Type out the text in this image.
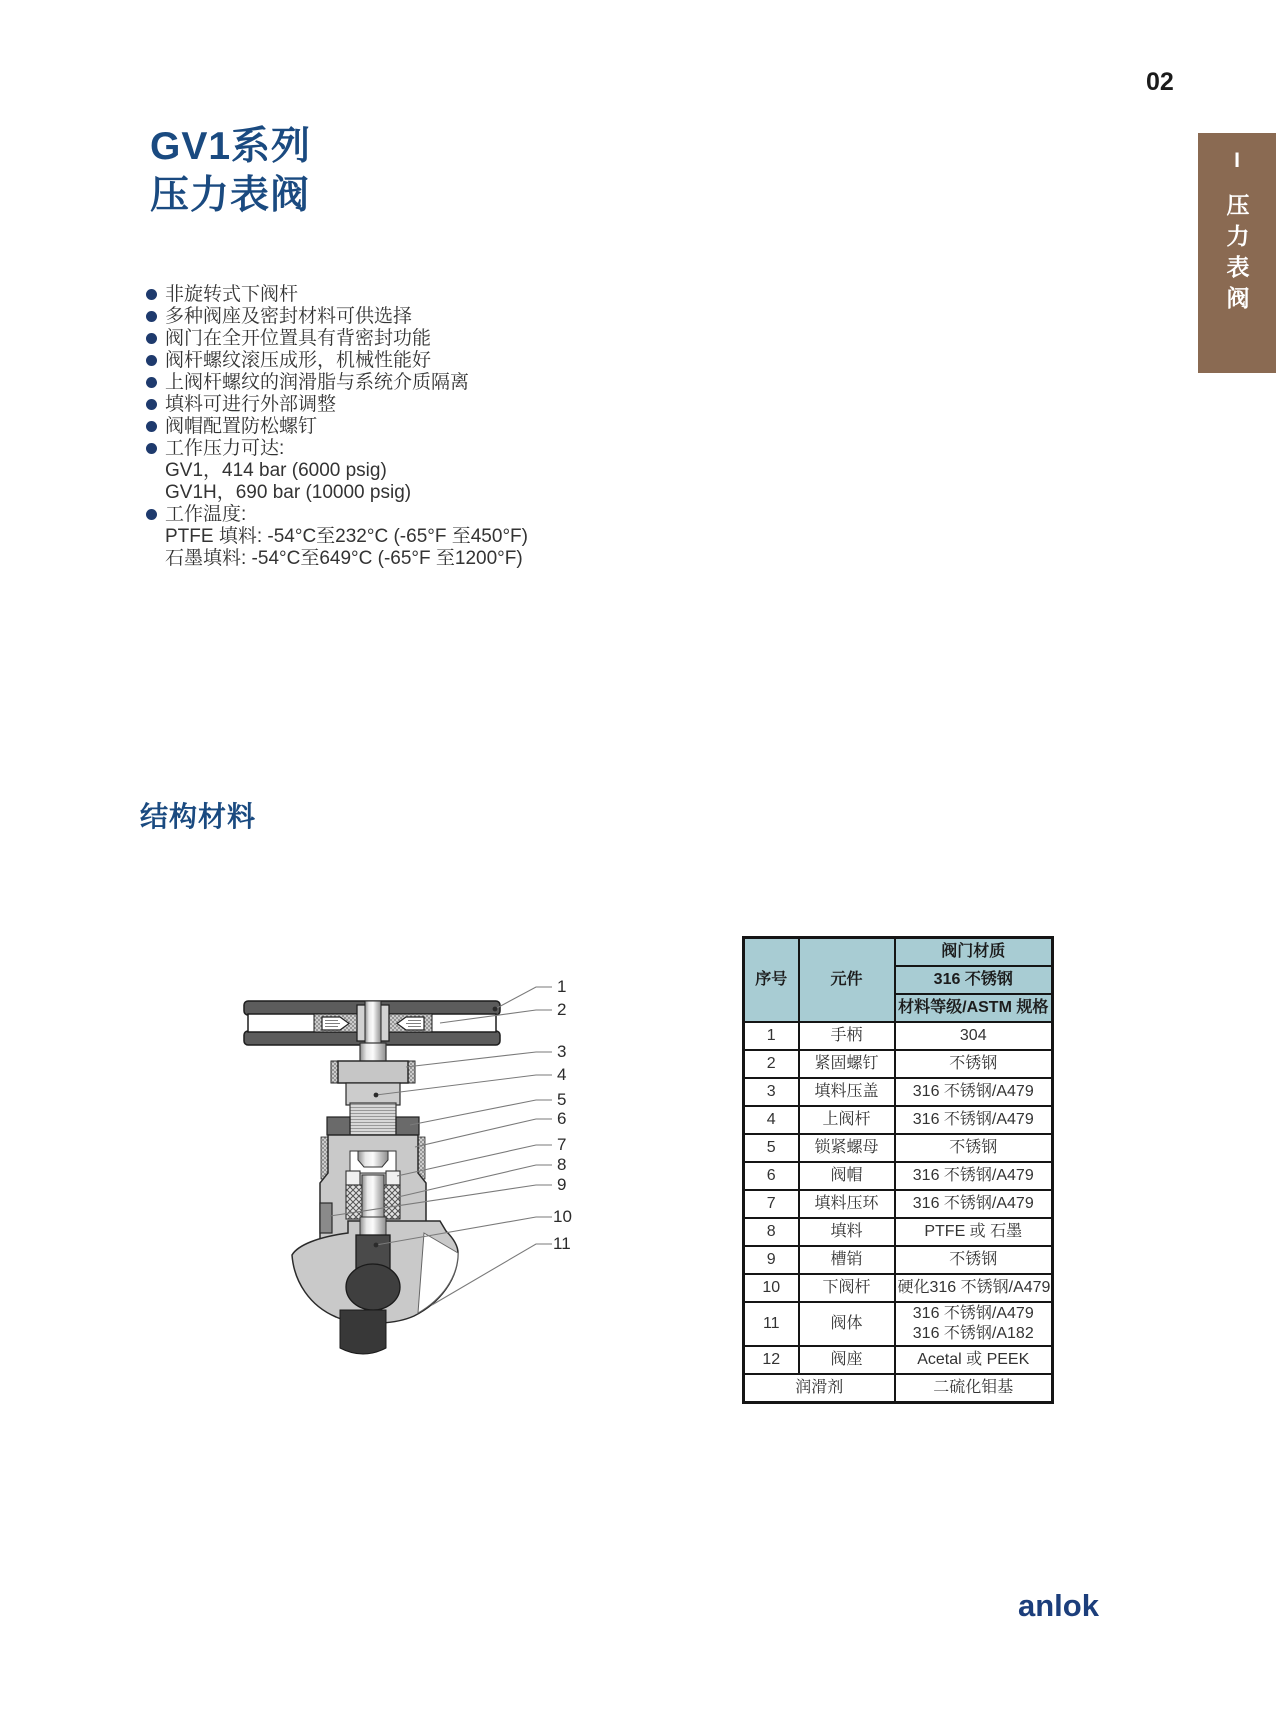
02
I
压力表阀
GV1系列
压力表阀
非旋转式下阀杆
多种阀座及密封材料可供选择
阀门在全开位置具有背密封功能
阀杆螺纹滚压成形，机械性能好
上阀杆螺纹的润滑脂与系统介质隔离
填料可进行外部调整
阀帽配置防松螺钉
工作压力可达:
GV1，414 bar (6000 psig)
GV1H，690 bar (10000 psig)
工作温度:
PTFE 填料: -54°C至232°C (-65°F 至450°F)
石墨填料: -54°C至649°C (-65°F 至1200°F)
结构材料
1
2
3
4
5
6
7
8
9
10
11
序号	元件	阀门材质
		316 不锈钢
		材料等级/ASTM 规格
1	手柄	304
2	紧固螺钉	不锈钢
3	填料压盖	316 不锈钢/A479
4	上阀杆	316 不锈钢/A479
5	锁紧螺母	不锈钢
6	阀帽	316 不锈钢/A479
7	填料压环	316 不锈钢/A479
8	填料	PTFE 或 石墨
9	槽销	不锈钢
10	下阀杆	硬化316 不锈钢/A479
11	阀体	316 不锈钢/A479
316 不锈钢/A182

12	阀座	Acetal 或 PEEK
润滑剂		二硫化钼基
anlok
